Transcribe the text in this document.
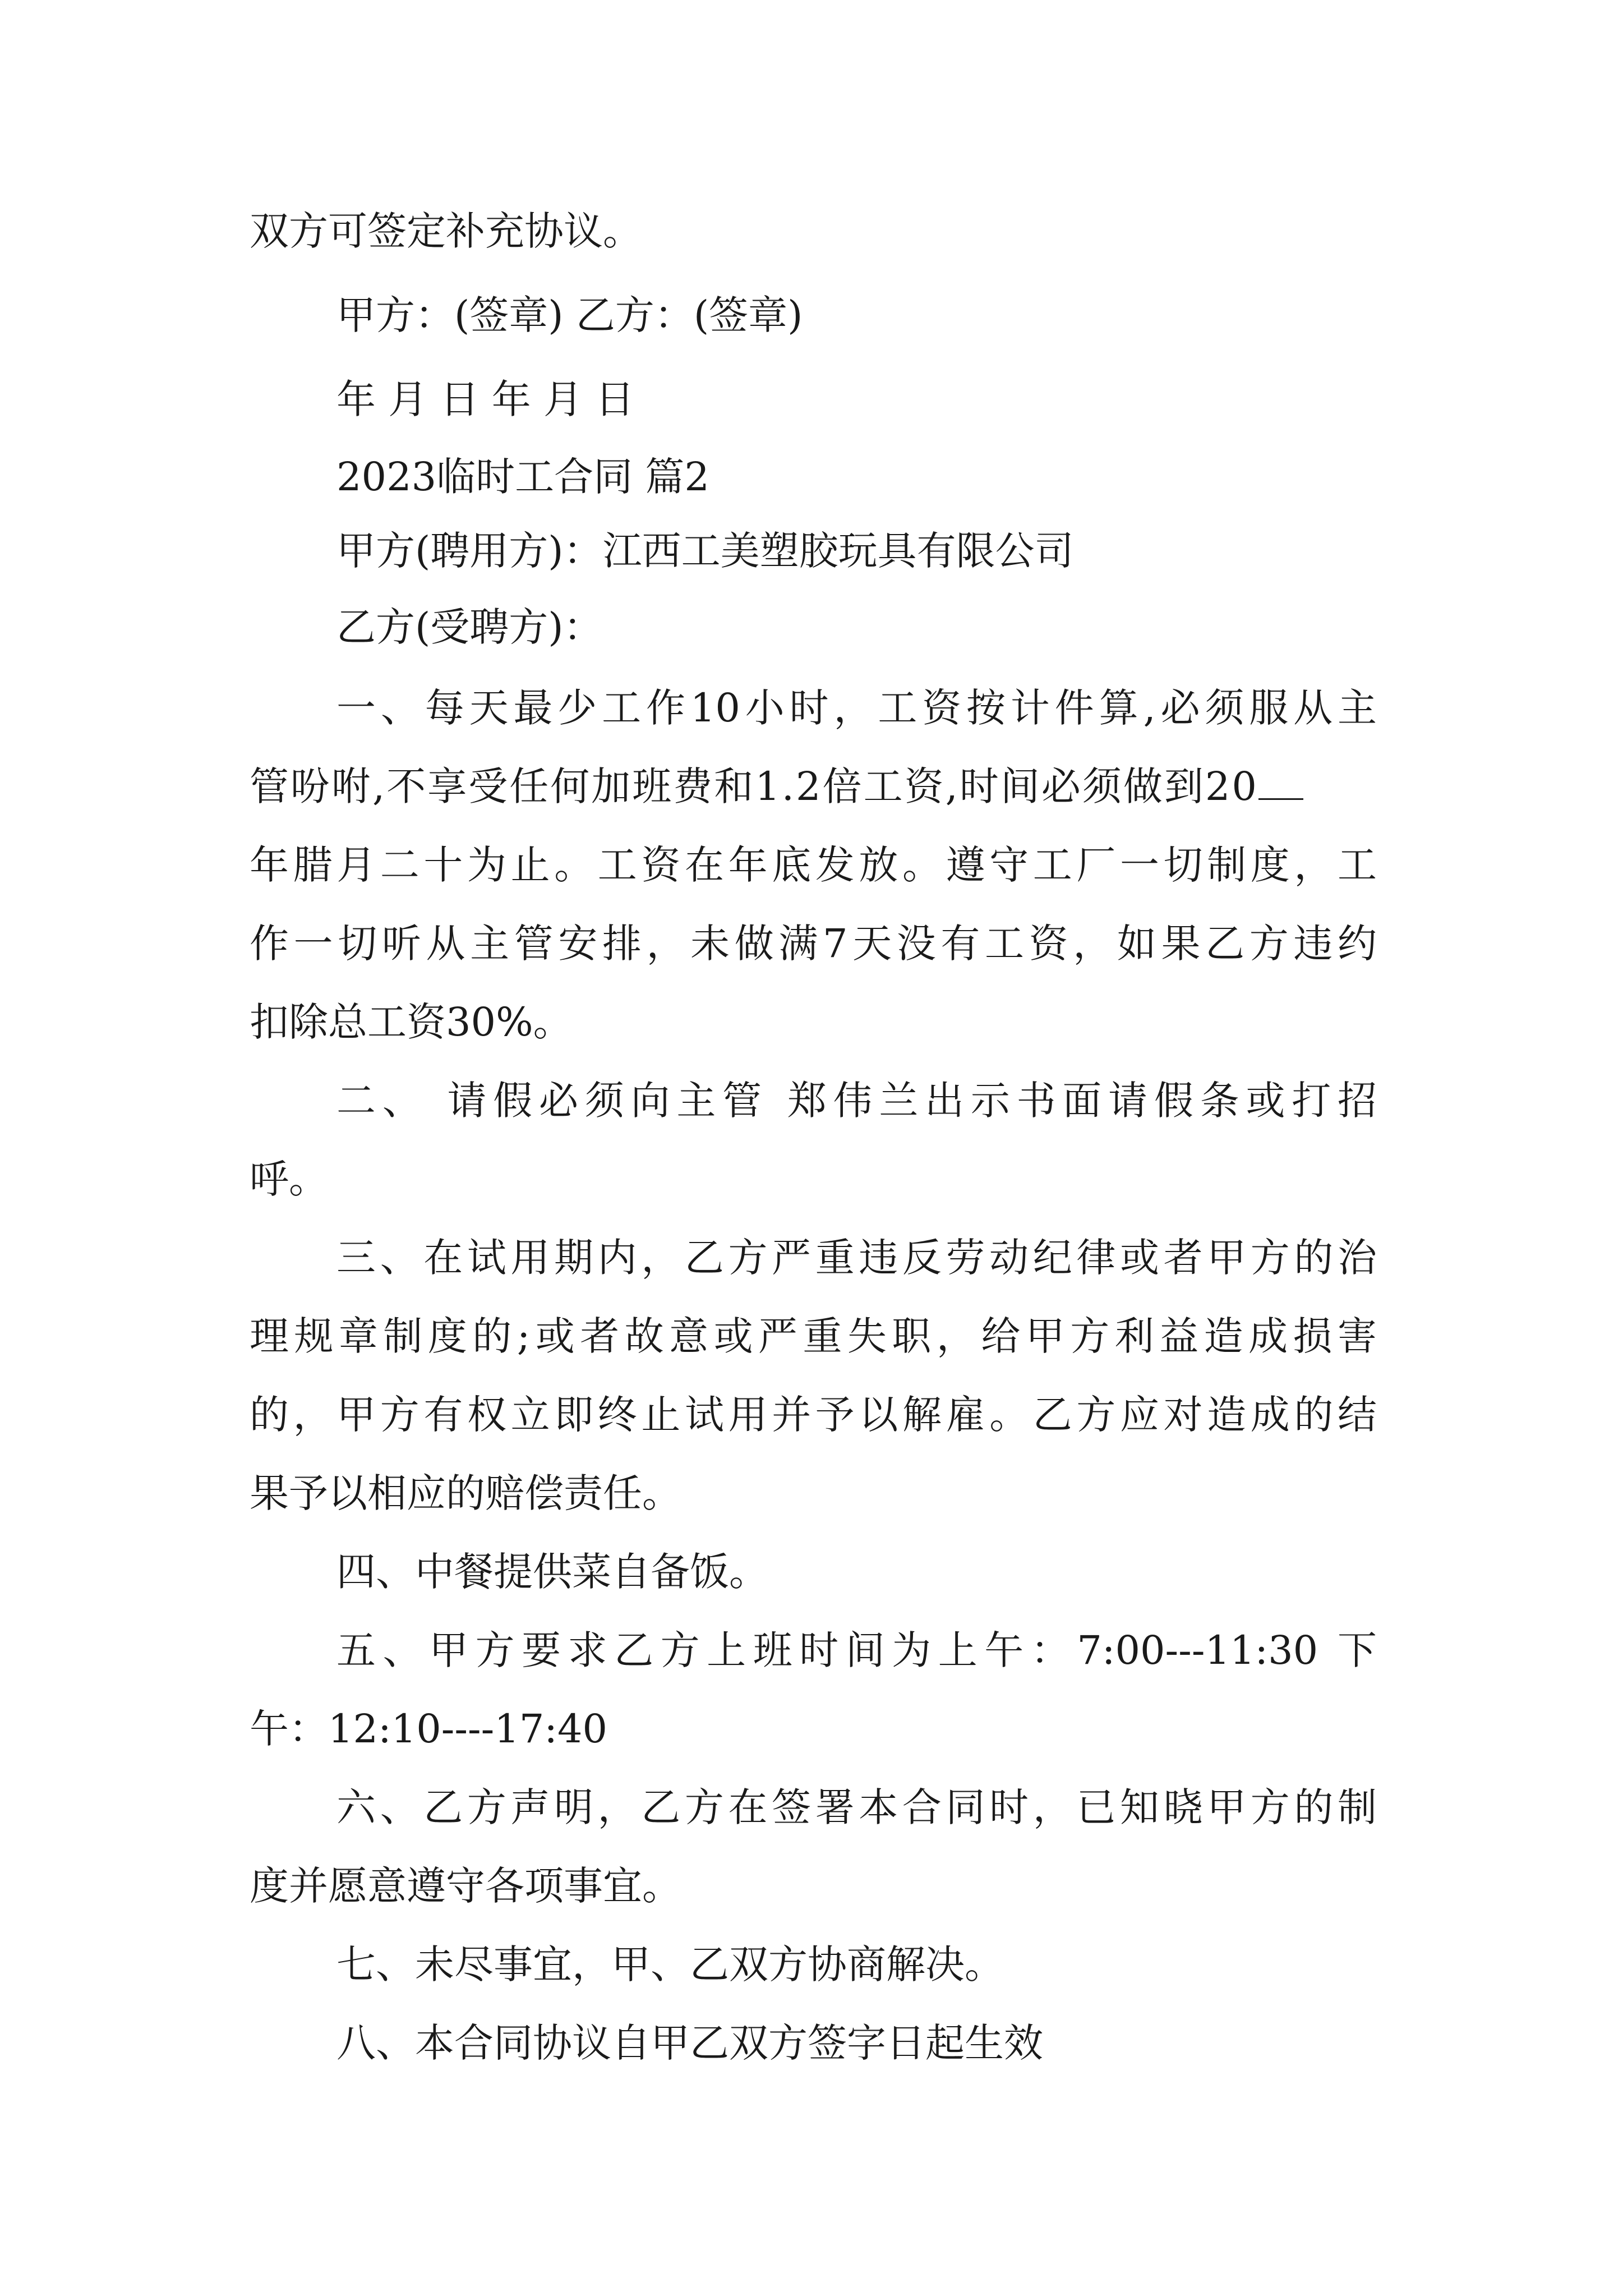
双方可签定补充协议。
甲方：(签章) 乙方：(签章)
年 月 日 年 月 日
2023临时工合同 篇2
甲方(聘用方)：江西工美塑胶玩具有限公司
乙方(受聘方)：
一、每天最少工作10小时，工资按计件算,必须服从主
管吩咐,不享受任何加班费和1.2倍工资,时间必须做到20
年腊月二十为止。工资在年底发放。遵守工厂一切制度，工
作一切听从主管安排，未做满7天没有工资，如果乙方违约
扣除总工资30%。
二、 请假必须向主管 郑伟兰出示书面请假条或打招
呼。
三、在试用期内，乙方严重违反劳动纪律或者甲方的治
理规章制度的;或者故意或严重失职，给甲方利益造成损害
的，甲方有权立即终止试用并予以解雇。乙方应对造成的结
果予以相应的赔偿责任。
四、中餐提供菜自备饭。
五、甲方要求乙方上班时间为上午：7:00---11:30 下
午：12:10----17:40
六、乙方声明，乙方在签署本合同时，已知晓甲方的制
度并愿意遵守各项事宜。
七、未尽事宜，甲、乙双方协商解决。
八、本合同协议自甲乙双方签字日起生效
